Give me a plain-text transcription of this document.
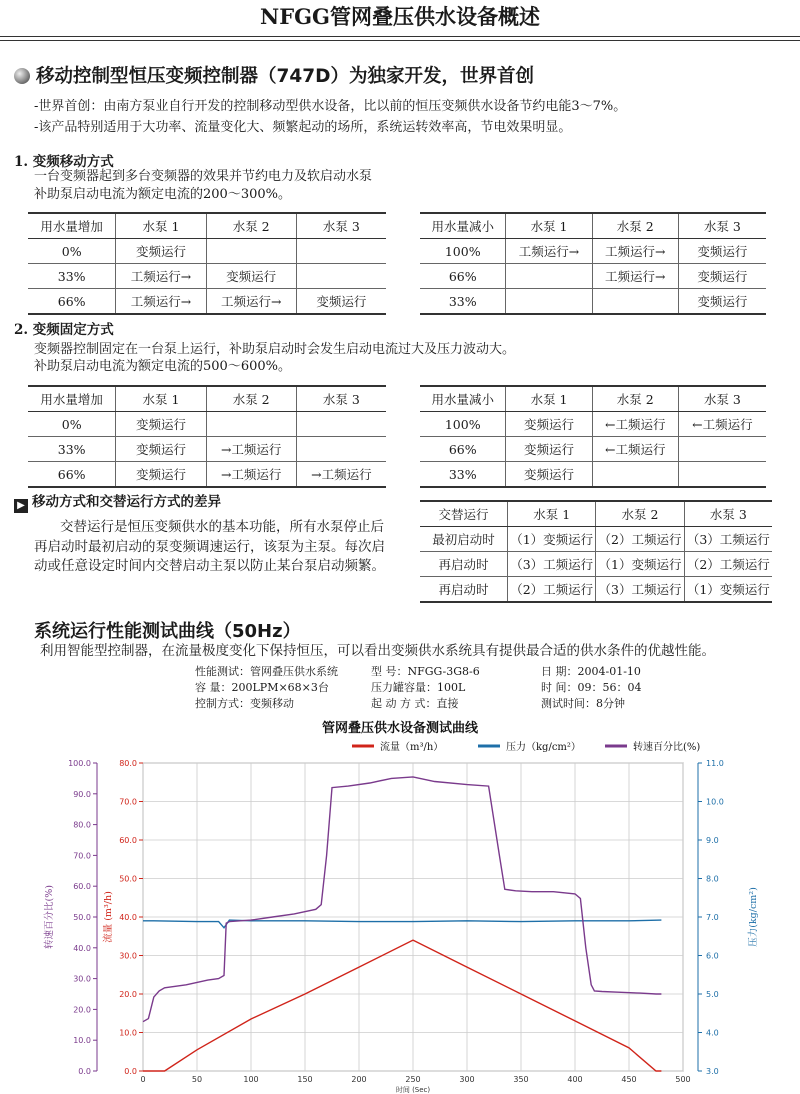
NFGG管网叠压供水设备概述
移动控制型恒压变频控制器（747D）为独家开发，世界首创
-世界首创：由南方泵业自行开发的控制移动型供水设备，比以前的恒压变频供水设备节约电能3～7%。
-该产品特别适用于大功率、流量变化大、频繁起动的场所，系统运转效率高，节电效果明显。
1. 变频移动方式
一台变频器起到多台变频器的效果并节约电力及软启动水泵
补助泵启动电流为额定电流的200～300%。
用水量增加	水泵 1	水泵 2	水泵 3
0%	变频运行		
33%	工频运行→	变频运行	
66%	工频运行→	工频运行→	变频运行
用水量减小	水泵 1	水泵 2	水泵 3
100%	工频运行→	工频运行→	变频运行
66%		工频运行→	变频运行
33%			变频运行
2. 变频固定方式
变频器控制固定在一台泵上运行，补助泵启动时会发生启动电流过大及压力波动大。
补助泵启动电流为额定电流的500～600%。
用水量增加	水泵 1	水泵 2	水泵 3
0%	变频运行		
33%	变频运行	→工频运行	
66%	变频运行	→工频运行	→工频运行
用水量减小	水泵 1	水泵 2	水泵 3
100%	变频运行	←工频运行	←工频运行
66%	变频运行	←工频运行	
33%	变频运行		
▶ 移动方式和交替运行方式的差异
交替运行是恒压变频供水的基本功能，所有水泵停止后再启动时最初启动的泵变频调速运行，该泵为主泵。每次启动或任意设定时间内交替启动主泵以防止某台泵启动频繁。
交替运行	水泵 1	水泵 2	水泵 3
最初启动时	（1）变频运行	（2）工频运行	（3）工频运行
再启动时	（3）工频运行	（1）变频运行	（2）工频运行
再启动时	（2）工频运行	（3）工频运行	（1）变频运行
系统运行性能测试曲线（50Hz）
利用智能型控制器，在流量极度变化下保持恒压，可以看出变频供水系统具有提供最合适的供水条件的优越性能。
性能测试：管网叠压供水系统	型 号：NFGG-3G8-6	日 期：2004-01-10
容 量：200LPM×68×3台	压力罐容量：100L	时 间：09：56：04
控制方式：变频移动	起 动 方 式：直接	测试时间：8分钟
0	50	100	150	200	250	300	350	400	450	500
0.0
10.0
20.0
30.0
40.0
50.0
60.0
70.0
80.0
90.0
100.0
0.0
10.0
20.0
30.0
40.0
50.0
60.0
70.0
80.0
3.0
4.0
5.0
6.0
7.0
8.0
9.0
10.0
11.0
转速百分比(%)	流量 (m³/h)	压力(kg/cm²)
时间 (Sec)
管网叠压供水设备测试曲线
流量（m³/h）	压力（kg/cm²）	转速百分比(%)
